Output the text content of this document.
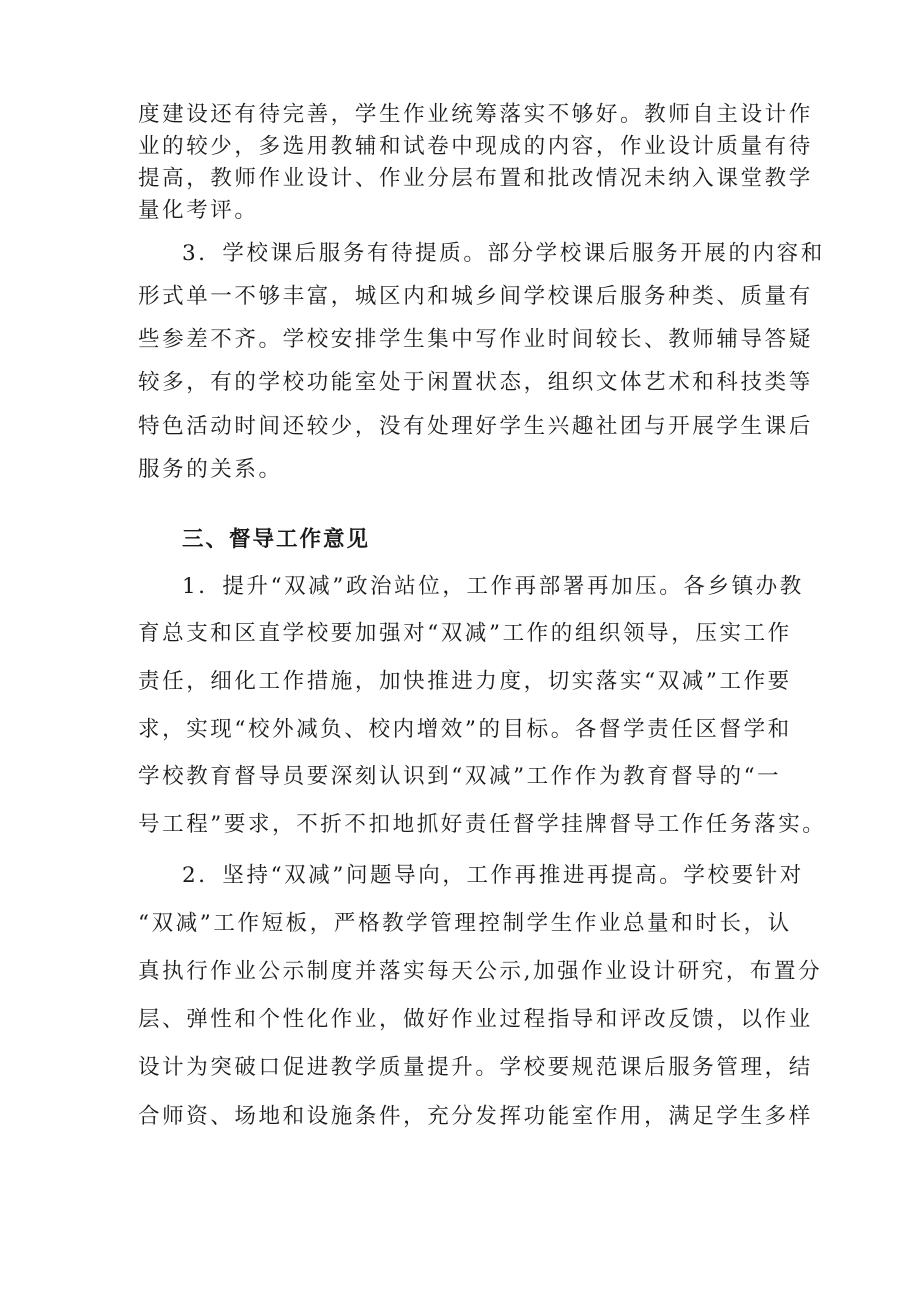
度建设还有待完善，学生作业统筹落实不够好。教师自主设计作

业的较少，多选用教辅和试卷中现成的内容，作业设计质量有待

提高，教师作业设计、作业分层布置和批改情况未纳入课堂教学

量化考评。

3．学校课后服务有待提质。部分学校课后服务开展的内容和

形式单一不够丰富，城区内和城乡间学校课后服务种类、质量有

些参差不齐。学校安排学生集中写作业时间较长、教师辅导答疑

较多，有的学校功能室处于闲置状态，组织文体艺术和科技类等

特色活动时间还较少，没有处理好学生兴趣社团与开展学生课后

服务的关系。

三、督导工作意见

1．提升“双减”政治站位，工作再部署再加压。各乡镇办教

育总支和区直学校要加强对“双减”工作的组织领导，压实工作

责任，细化工作措施，加快推进力度，切实落实“双减”工作要

求，实现“校外减负、校内增效”的目标。各督学责任区督学和

学校教育督导员要深刻认识到“双减”工作作为教育督导的“一

号工程”要求，不折不扣地抓好责任督学挂牌督导工作任务落实。

2．坚持“双减”问题导向，工作再推进再提高。学校要针对

“双减”工作短板，严格教学管理控制学生作业总量和时长，认

真执行作业公示制度并落实每天公示,加强作业设计研究，布置分

层、弹性和个性化作业，做好作业过程指导和评改反馈，以作业

设计为突破口促进教学质量提升。学校要规范课后服务管理，结

合师资、场地和设施条件，充分发挥功能室作用，满足学生多样
